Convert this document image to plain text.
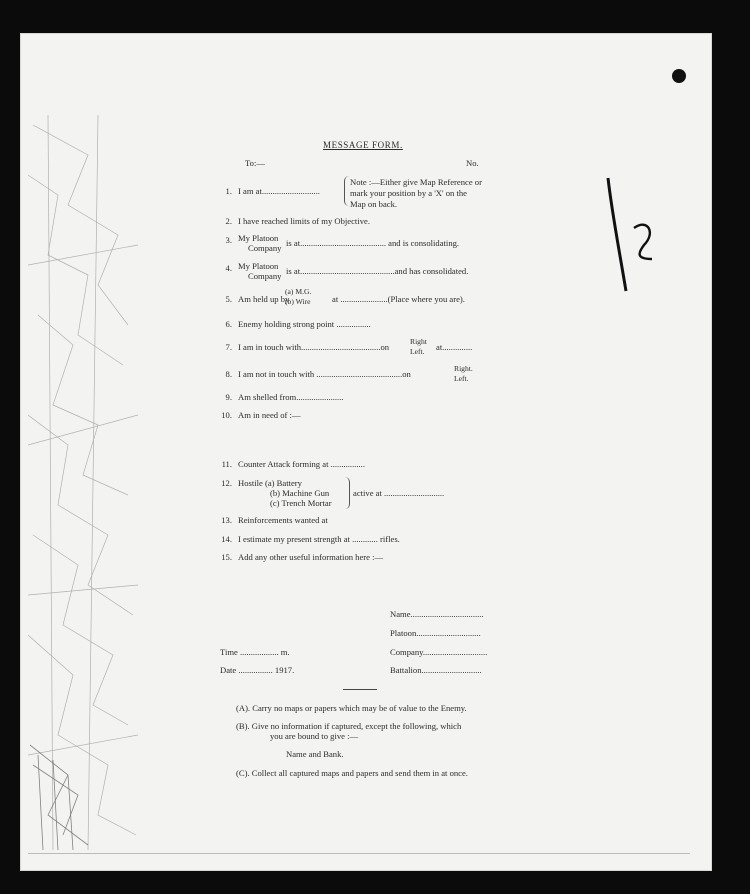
MESSAGE FORM.
To:—	No.
1. I am at...........................
Note :—Either give Map Reference or
mark your position by a 'X' on the
Map on back.
2. I have reached limits of my Objective.
3. My Platoon
Company is at........................................ and is consolidating.
4. My Platoon
Company is at............................................and has consolidated.
5. Am held up by
(a) M.G.
(b) Wire	at ......................(Place where you are).
6. Enemy holding strong point ................
7. I am in touch with.....................................on
Right
Left. at..............
8. I am not in touch with ........................................on
Right.
Left.
9. Am shelled from......................
10. Am in need of :—
11. Counter Attack forming at ................
12. Hostile (a) Battery
(b) Machine Gun
(c) Trench Mortar
active at ............................
13. Reinforcements wanted at
14. I estimate my present strength at ............ rifles.
15. Add any other useful information here :—
Name..................................
Platoon..............................
Time .................. m.	Company..............................
Date ................ 1917.	Battalion............................
(A). Carry no maps or papers which may be of value to the Enemy.
(B). Give no information if captured, except the following, which
you are bound to give :—
Name and Bank.
(C). Collect all captured maps and papers and send them in at once.
